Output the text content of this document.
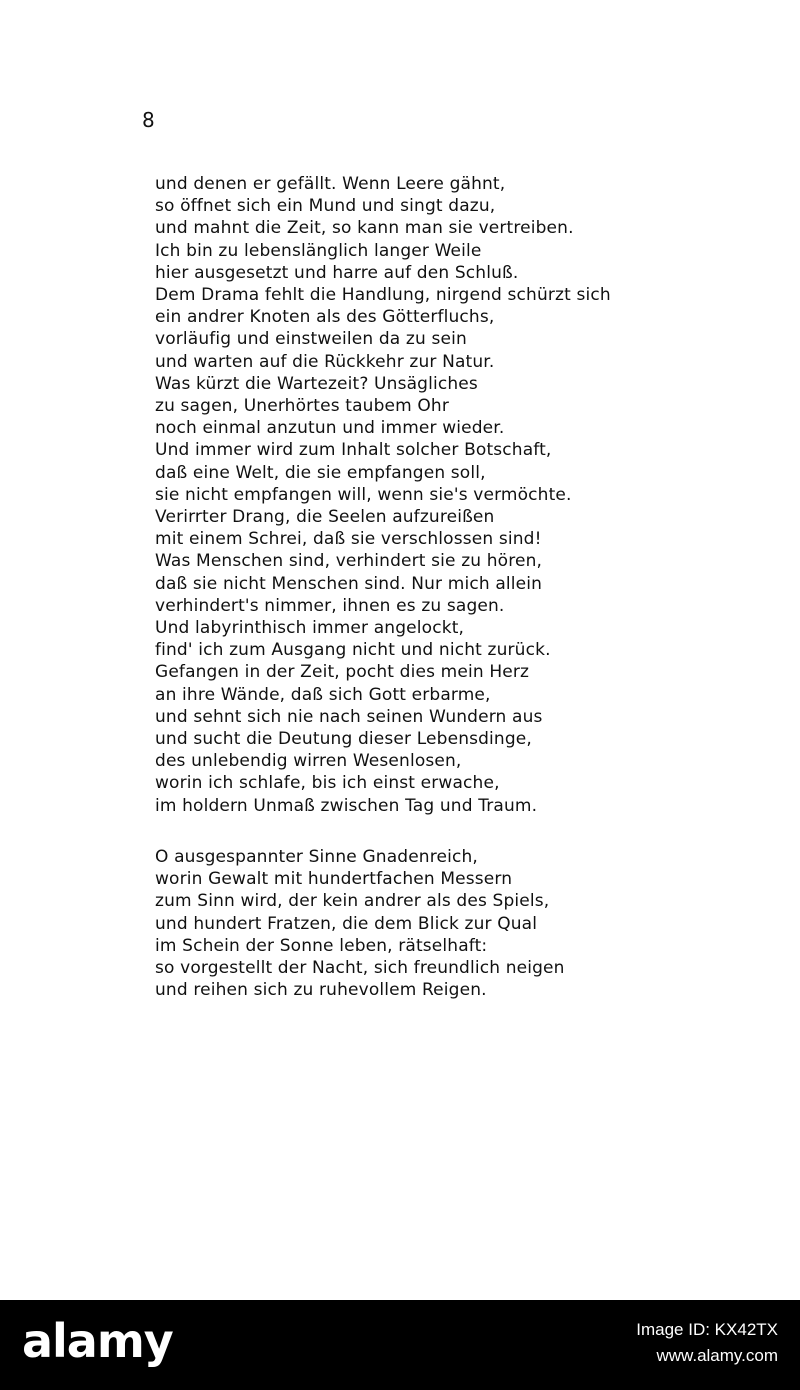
8
und denen er gefällt. Wenn Leere gähnt,
so öffnet sich ein Mund und singt dazu,
und mahnt die Zeit, so kann man sie vertreiben.
Ich bin zu lebenslänglich langer Weile
hier ausgesetzt und harre auf den Schluß.
Dem Drama fehlt die Handlung, nirgend schürzt sich
ein andrer Knoten als des Götterfluchs,
vorläufig und einstweilen da zu sein
und warten auf die Rückkehr zur Natur.
Was kürzt die Wartezeit? Unsägliches
zu sagen, Unerhörtes taubem Ohr
noch einmal anzutun und immer wieder.
Und immer wird zum Inhalt solcher Botschaft,
daß eine Welt, die sie empfangen soll,
sie nicht empfangen will, wenn sie's vermöchte.
Verirrter Drang, die Seelen aufzureißen
mit einem Schrei, daß sie verschlossen sind!
Was Menschen sind, verhindert sie zu hören,
daß sie nicht Menschen sind. Nur mich allein
verhindert's nimmer, ihnen es zu sagen.
Und labyrinthisch immer angelockt,
find' ich zum Ausgang nicht und nicht zurück.
Gefangen in der Zeit, pocht dies mein Herz
an ihre Wände, daß sich Gott erbarme,
und sehnt sich nie nach seinen Wundern aus
und sucht die Deutung dieser Lebensdinge,
des unlebendig wirren Wesenlosen,
worin ich schlafe, bis ich einst erwache,
im holdern Unmaß zwischen Tag und Traum.
O ausgespannter Sinne Gnadenreich,
worin Gewalt mit hundertfachen Messern
zum Sinn wird, der kein andrer als des Spiels,
und hundert Fratzen, die dem Blick zur Qual
im Schein der Sonne leben, rätselhaft:
so vorgestellt der Nacht, sich freundlich neigen
und reihen sich zu ruhevollem Reigen.
alamy	Image ID: KX42TX
www.alamy.com
